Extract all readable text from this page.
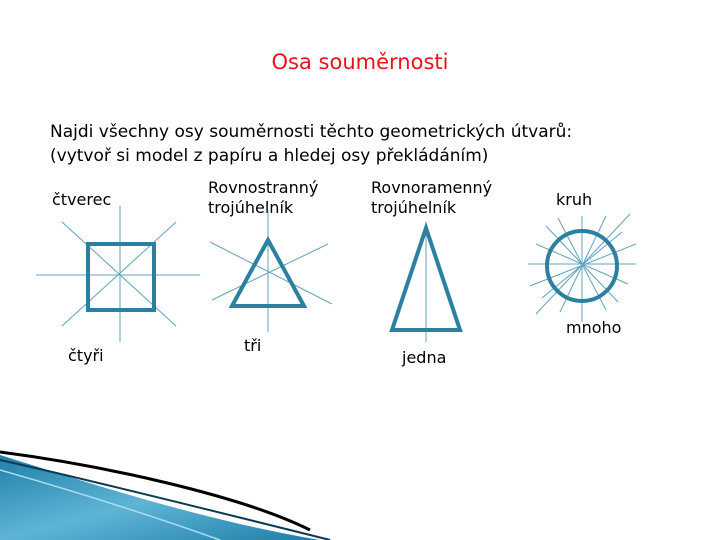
Osa souměrnosti
Najdi všechny osy souměrnosti těchto geometrických útvarů:
(vytvoř si model z papíru a hledej osy překládáním)
čtverec
Rovnostranný
trojúhelník
Rovnoramenný
trojúhelník	kruh
čtyři
tři
jedna
mnoho
